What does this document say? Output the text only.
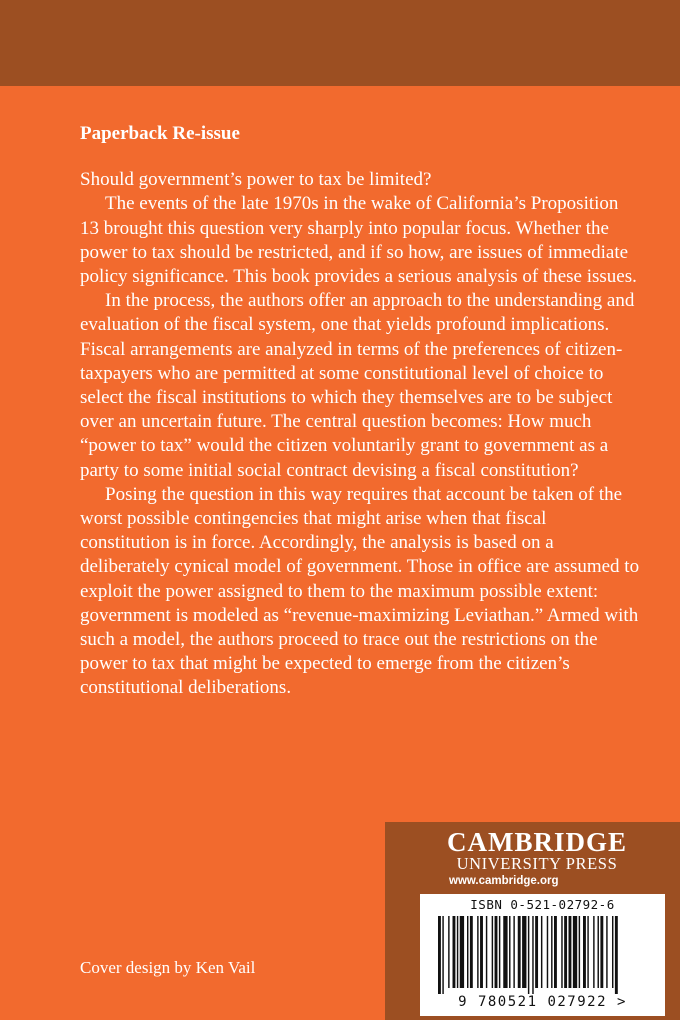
Paperback Re-issue

Should government’s power to tax be limited?

The events of the late 1970s in the wake of California’s Proposition 13 brought this question very sharply into popular focus. Whether the power to tax should be restricted, and if so how, are issues of immediate policy significance. This book provides a serious analysis of these issues.

In the process, the authors offer an approach to the understanding and evaluation of the fiscal system, one that yields profound implications. Fiscal arrangements are analyzed in terms of the preferences of citizen-taxpayers who are permitted at some constitutional level of choice to select the fiscal institutions to which they themselves are to be subject over an uncertain future. The central question becomes: How much “power to tax” would the citizen voluntarily grant to government as a party to some initial social contract devising a fiscal constitution?

Posing the question in this way requires that account be taken of the worst possible contingencies that might arise when that fiscal constitution is in force. Accordingly, the analysis is based on a deliberately cynical model of government. Those in office are assumed to exploit the power assigned to them to the maximum possible extent: government is modeled as “revenue-maximizing Leviathan.” Armed with such a model, the authors proceed to trace out the restrictions on the power to tax that might be expected to emerge from the citizen’s constitutional deliberations.

CAMBRIDGE
UNIVERSITY PRESS
www.cambridge.org
ISBN 0-521-02792-6
9 780521 027922 >
Cover design by Ken Vail
